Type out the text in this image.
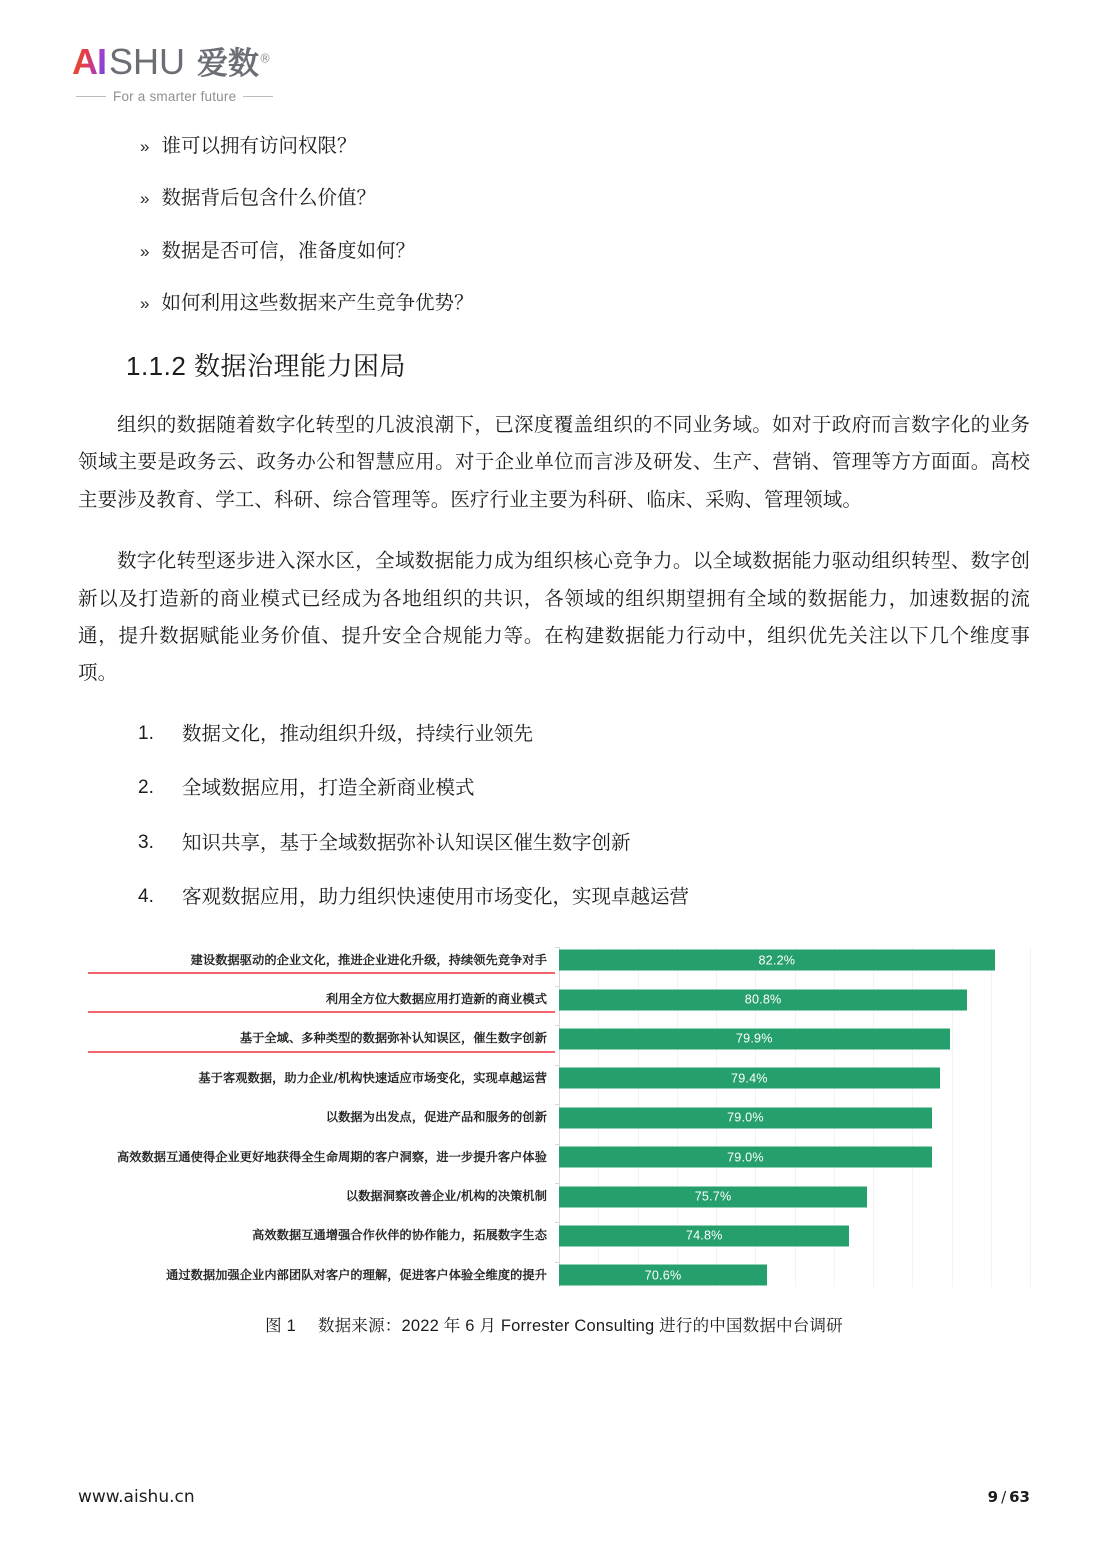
AI SHU 爱数®
For a smarter future
» 谁可以拥有访问权限？
» 数据背后包含什么价值？
» 数据是否可信，准备度如何？
» 如何利用这些数据来产生竞争优势？
1.1.2 数据治理能力困局

组织的数据随着数字化转型的几波浪潮下，已深度覆盖组织的不同业务域。如对于政府而言数字化的业务领域主要是政务云、政务办公和智慧应用。对于企业单位而言涉及研发、生产、营销、管理等方方面面。高校主要涉及教育、学工、科研、综合管理等。医疗行业主要为科研、临床、采购、管理领域。

数字化转型逐步进入深水区，全域数据能力成为组织核心竞争力。以全域数据能力驱动组织转型、数字创新以及打造新的商业模式已经成为各地组织的共识，各领域的组织期望拥有全域的数据能力，加速数据的流通，提升数据赋能业务价值、提升安全合规能力等。在构建数据能力行动中，组织优先关注以下几个维度事项。

数据文化，推动组织升级，持续行业领先
全域数据应用，打造全新商业模式
知识共享，基于全域数据弥补认知误区催生数字创新
客观数据应用，助力组织快速使用市场变化，实现卓越运营
建设数据驱动的企业文化，推进企业进化升级，持续领先竞争对手	82.2%
利用全方位大数据应用打造新的商业模式	80.8%
基于全域、多种类型的数据弥补认知误区，催生数字创新	79.9%
基于客观数据，助力企业/机构快速适应市场变化，实现卓越运营	79.4%
以数据为出发点，促进产品和服务的创新	79.0%
高效数据互通使得企业更好地获得全生命周期的客户洞察，进一步提升客户体验	79.0%
以数据洞察改善企业/机构的决策机制	75.7%
高效数据互通增强合作伙伴的协作能力，拓展数字生态	74.8%
通过数据加强企业内部团队对客户的理解，促进客户体验全维度的提升	70.6%
图 1 数据来源：2022 年 6 月 Forrester Consulting 进行的中国数据中台调研
www.aishu.cn	9 / 63
